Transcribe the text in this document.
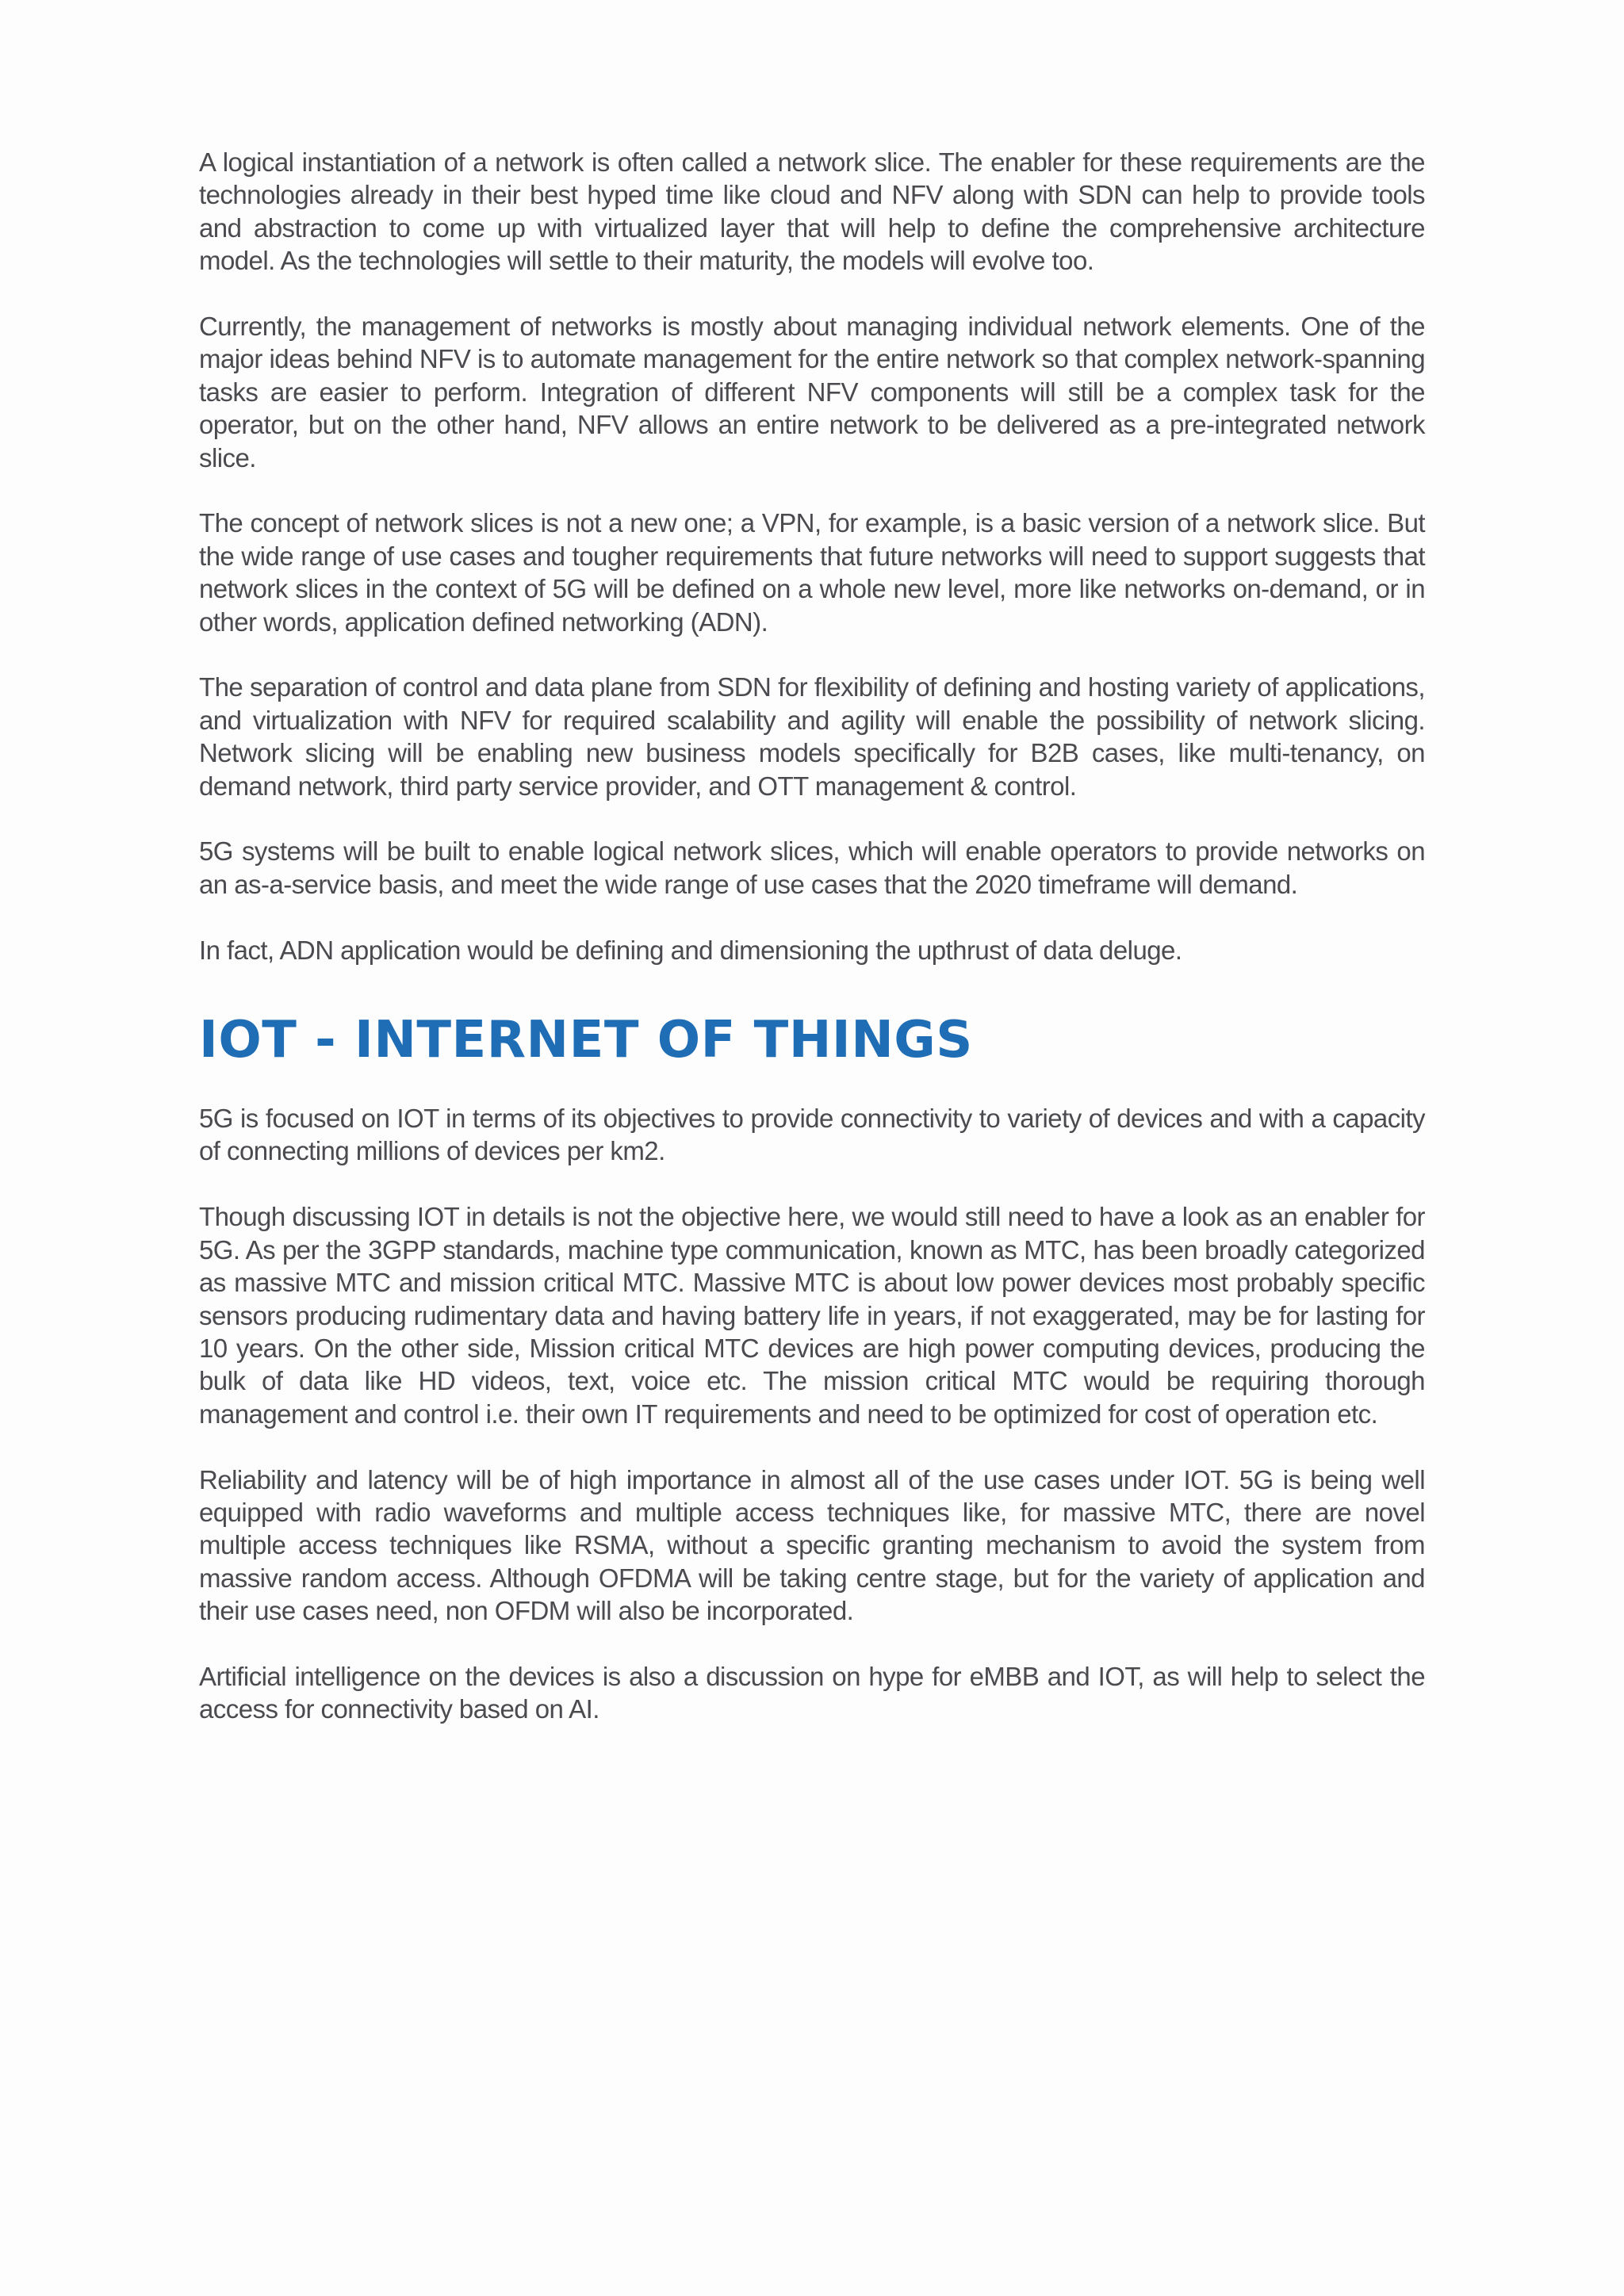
A logical instantiation of a network is often called a network slice. The enabler for these requirements are the technologies already in their best hyped time like cloud and NFV along with SDN can help to provide tools and abstraction to come up with virtualized layer that will help to define the comprehensive architecture model. As the technologies will settle to their maturity, the models will evolve too.

Currently, the management of networks is mostly about managing individual network elements. One of the major ideas behind NFV is to automate management for the entire network so that complex network-spanning tasks are easier to perform. Integration of different NFV components will still be a complex task for the operator, but on the other hand, NFV allows an entire network to be delivered as a pre-integrated network slice.

The concept of network slices is not a new one; a VPN, for example, is a basic version of a network slice. But the wide range of use cases and tougher requirements that future networks will need to support suggests that network slices in the context of 5G will be defined on a whole new level, more like networks on-demand, or in other words, application defined networking (ADN).

The separation of control and data plane from SDN for flexibility of defining and hosting variety of applications, and virtualization with NFV for required scalability and agility will enable the possibility of network slicing. Network slicing will be enabling new business models specifically for B2B cases, like multi-tenancy, on demand network, third party service provider, and OTT management & control.

5G systems will be built to enable logical network slices, which will enable operators to provide networks on an as-a-service basis, and meet the wide range of use cases that the 2020 timeframe will demand.

In fact, ADN application would be defining and dimensioning the upthrust of data deluge.

IOT - INTERNET OF THINGS

5G is focused on IOT in terms of its objectives to provide connectivity to variety of devices and with a capacity of connecting millions of devices per km2.

Though discussing IOT in details is not the objective here, we would still need to have a look as an enabler for 5G. As per the 3GPP standards, machine type communication, known as MTC, has been broadly categorized as massive MTC and mission critical MTC. Massive MTC is about low power devices most probably specific sensors producing rudimentary data and having battery life in years, if not exaggerated, may be for lasting for 10 years. On the other side, Mission critical MTC devices are high power computing devices, producing the bulk of data like HD videos, text, voice etc. The mission critical MTC would be requiring thorough management and control i.e. their own IT requirements and need to be optimized for cost of operation etc.

Reliability and latency will be of high importance in almost all of the use cases under IOT. 5G is being well equipped with radio waveforms and multiple access techniques like, for massive MTC, there are novel multiple access techniques like RSMA, without a specific granting mechanism to avoid the system from massive random access. Although OFDMA will be taking centre stage, but for the variety of application and their use cases need, non OFDM will also be incorporated.

Artificial intelligence on the devices is also a discussion on hype for eMBB and IOT, as will help to select the access for connectivity based on AI.
